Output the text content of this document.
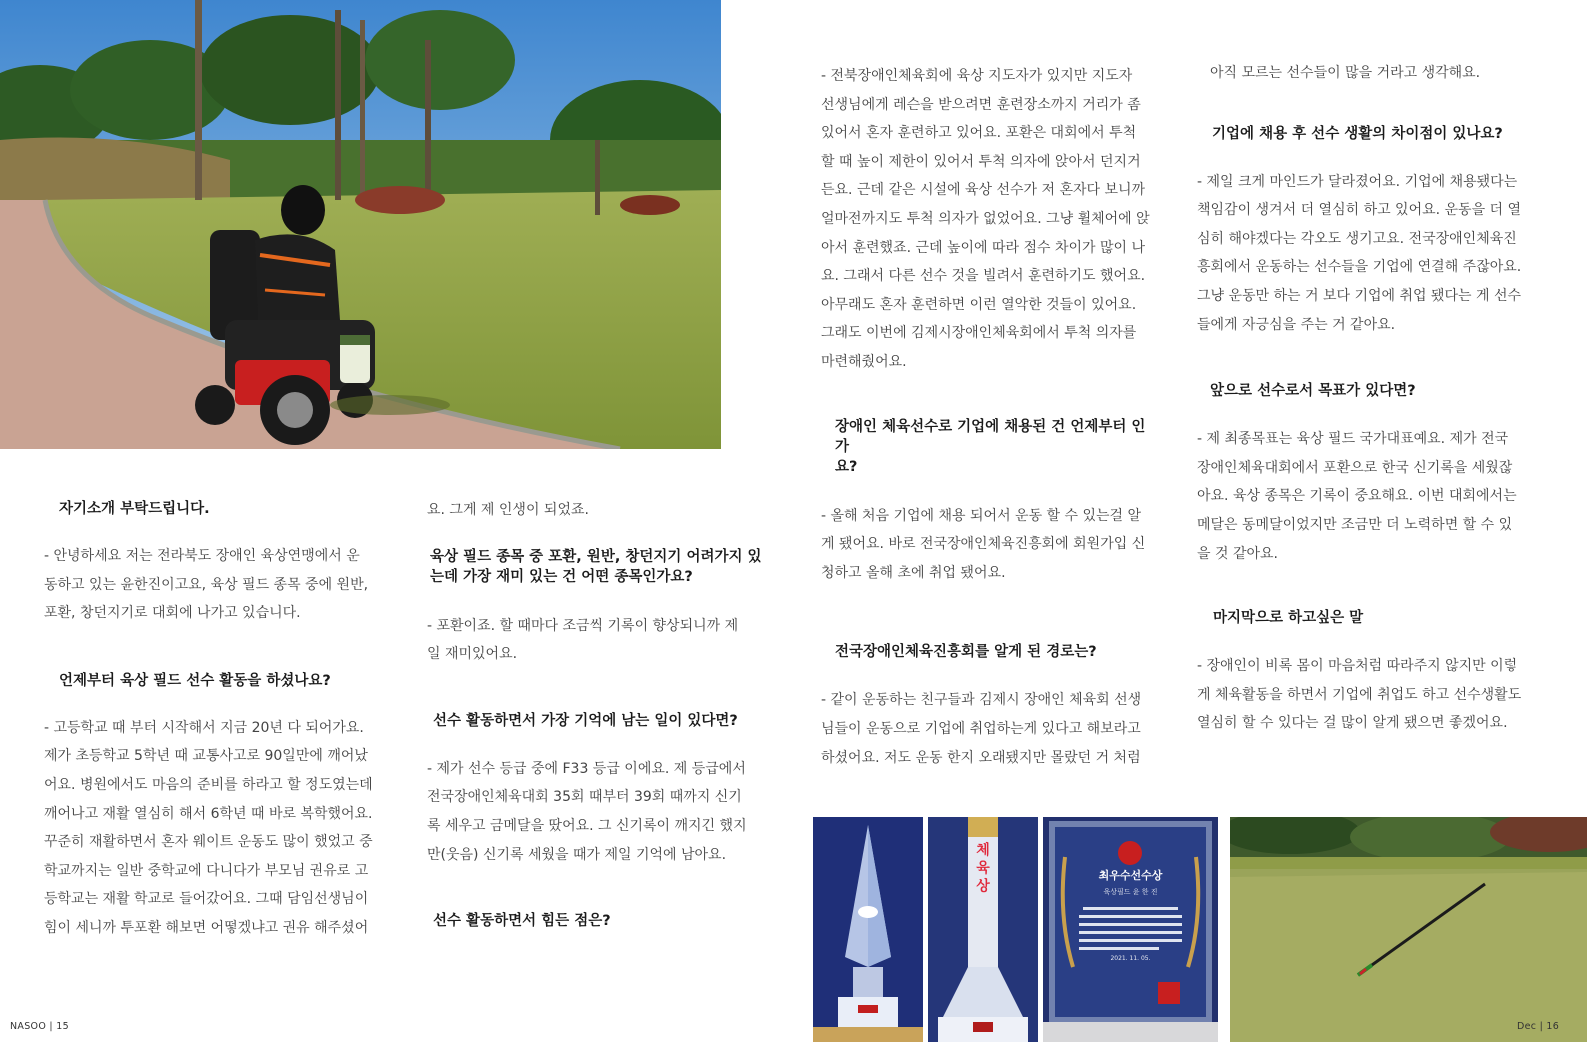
자기소개 부탁드립니다.

- 안녕하세요 저는 전라북도 장애인 육상연맹에서 운
동하고 있는 윤한진이고요, 육상 필드 종목 중에 원반,
포환, 창던지기로 대회에 나가고 있습니다.

언제부터 육상 필드 선수 활동을 하셨나요?

- 고등학교 때 부터 시작해서 지금 20년 다 되어가요.
제가 초등학교 5학년 때 교통사고로 90일만에 깨어났
어요. 병원에서도 마음의 준비를 하라고 할 정도였는데
깨어나고 재활 열심히 해서 6학년 때 바로 복학했어요.
꾸준히 재활하면서 혼자 웨이트 운동도 많이 했었고 중
학교까지는 일반 중학교에 다니다가 부모님 권유로 고
등학교는 재활 학교로 들어갔어요. 그때 담임선생님이
힘이 세니까 투포환 해보면 어떻겠냐고 권유 해주셨어

요. 그게 제 인생이 되었죠.

육상 필드 종목 중 포환, 원반, 창던지기 어려가지 있
는데 가장 재미 있는 건 어떤 종목인가요?

- 포환이죠. 할 때마다 조금씩 기록이 향상되니까 제
일 재미있어요.

선수 활동하면서 가장 기억에 남는 일이 있다면?

- 제가 선수 등급 중에 F33 등급 이에요. 제 등급에서
전국장애인체육대회 35회 때부터 39회 때까지 신기
록 세우고 금메달을 땄어요. 그 신기록이 깨지긴 했지
만(웃음) 신기록 세웠을 때가 제일 기억에 남아요.

선수 활동하면서 힘든 점은?

NASOO | 15

- 전북장애인체육회에 육상 지도자가 있지만 지도자
선생님에게 레슨을 받으려면 훈련장소까지 거리가 좀
있어서 혼자 훈련하고 있어요. 포환은 대회에서 투척
할 때 높이 제한이 있어서 투척 의자에 앉아서 던지거
든요. 근데 같은 시설에 육상 선수가 저 혼자다 보니까
얼마전까지도 투척 의자가 없었어요. 그냥 휠체어에 앉
아서 훈련했죠. 근데 높이에 따라 점수 차이가 많이 나
요. 그래서 다른 선수 것을 빌려서 훈련하기도 했어요.
아무래도 혼자 훈련하면 이런 열악한 것들이 있어요.
그래도 이번에 김제시장애인체육회에서 투척 의자를
마련해줬어요.

장애인 체육선수로 기업에 채용된 건 언제부터 인가
요?

- 올해 처음 기업에 채용 되어서 운동 할 수 있는걸 알
게 됐어요. 바로 전국장애인체육진흥회에 회원가입 신
청하고 올해 초에 취업 됐어요.

전국장애인체육진흥회를 알게 된 경로는?

- 같이 운동하는 친구들과 김제시 장애인 체육회 선생
님들이 운동으로 기업에 취업하는게 있다고 해보라고
하셨어요. 저도 운동 한지 오래됐지만 몰랐던 거 처럼

아직 모르는 선수들이 많을 거라고 생각해요.

기업에 채용 후 선수 생활의 차이점이 있나요?

- 제일 크게 마인드가 달라졌어요. 기업에 채용됐다는
책임감이 생겨서 더 열심히 하고 있어요. 운동을 더 열
심히 해야겠다는 각오도 생기고요. 전국장애인체육진
흥회에서 운동하는 선수들을 기업에 연결해 주잖아요.
그냥 운동만 하는 거 보다 기업에 취업 됐다는 게 선수
들에게 자긍심을 주는 거 같아요.

앞으로 선수로서 목표가 있다면?

- 제 최종목표는 육상 필드 국가대표예요. 제가 전국
장애인체육대회에서 포환으로 한국 신기록을 세웠잖
아요. 육상 종목은 기록이 중요해요. 이번 대회에서는
메달은 동메달이었지만 조금만 더 노력하면 할 수 있
을 것 같아요.

마지막으로 하고싶은 말

- 장애인이 비록 몸이 마음처럼 따라주지 않지만 이렇
게 체육활동을 하면서 기업에 취업도 하고 선수생활도
열심히 할 수 있다는 걸 많이 알게 됐으면 좋겠어요.

체육상	최우수선수상
육상필드 윤 한 진
2021. 11. 05.
Dec | 16
